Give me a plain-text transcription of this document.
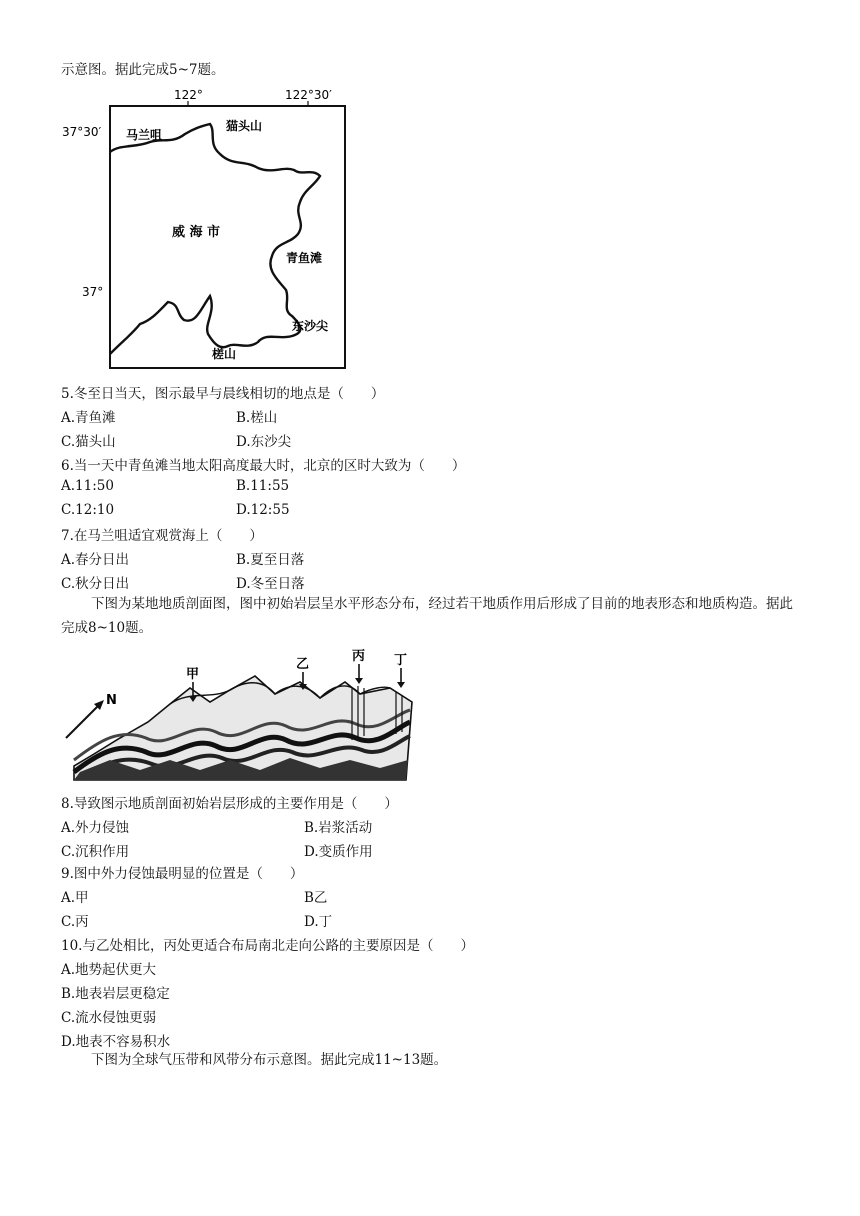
示意图。据此完成5~7题。
122°	122°30′
37°30′
37°
马兰咀
猫头山
威 海 市
青鱼滩
东沙尖
槎山
5.冬至日当天，图示最早与晨线相切的地点是（　　）
A.青鱼滩	B.槎山
C.猫头山	D.东沙尖
6.当一天中青鱼滩当地太阳高度最大时，北京的区时大致为（　　）
A.11:50	B.11:55
C.12:10	D.12:55
7.在马兰咀适宜观赏海上（　　）
A.春分日出	B.夏至日落
C.秋分日出	D.冬至日落
下图为某地地质剖面图，图中初始岩层呈水平形态分布，经过若干地质作用后形成了目前的地表形态和地质构造。据此完成8~10题。
N
甲
乙
丙 丁
8.导致图示地质剖面初始岩层形成的主要作用是（　　）
A.外力侵蚀	B.岩浆活动
C.沉积作用	D.变质作用
9.图中外力侵蚀最明显的位置是（　　）
A.甲	B乙
C.丙	D.丁
10.与乙处相比，丙处更适合布局南北走向公路的主要原因是（　　）
A.地势起伏更大
B.地表岩层更稳定
C.流水侵蚀更弱
D.地表不容易积水
下图为全球气压带和风带分布示意图。据此完成11~13题。
